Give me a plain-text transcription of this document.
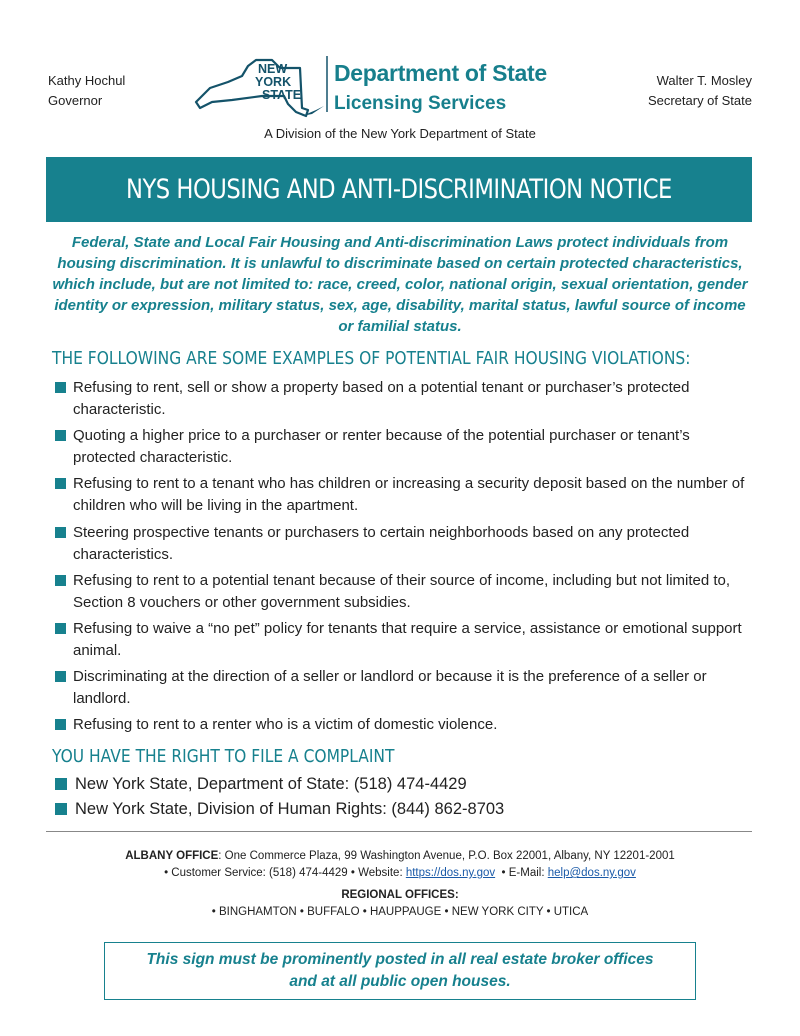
Kathy Hochul
Governor
Walter T. Mosley
Secretary of State
NEW
YORK
STATE
Department of State
Licensing Services
A Division of the New York Department of State
NYS HOUSING AND ANTI-DISCRIMINATION NOTICE
Federal, State and Local Fair Housing and Anti-discrimination Laws protect individuals from housing discrimination. It is unlawful to discriminate based on certain protected characteristics, which include, but are not limited to: race, creed, color, national origin, sexual orientation, gender identity or expression, military status, sex, age, disability, marital status, lawful source of income or familial status.
THE FOLLOWING ARE SOME EXAMPLES OF POTENTIAL FAIR HOUSING VIOLATIONS:
Refusing to rent, sell or show a property based on a potential tenant or purchaser’s protected characteristic.
Quoting a higher price to a purchaser or renter because of the potential purchaser or tenant’s protected characteristic.
Refusing to rent to a tenant who has children or increasing a security deposit based on the number of children who will be living in the apartment.
Steering prospective tenants or purchasers to certain neighborhoods based on any protected characteristics.
Refusing to rent to a potential tenant because of their source of income, including but not limited to, Section 8 vouchers or other government subsidies.
Refusing to waive a “no pet” policy for tenants that require a service, assistance or emotional support animal.
Discriminating at the direction of a seller or landlord or because it is the preference of a seller or landlord.
Refusing to rent to a renter who is a victim of domestic violence.
YOU HAVE THE RIGHT TO FILE A COMPLAINT
New York State, Department of State: (518) 474-4429
New York State, Division of Human Rights: (844) 862-8703
ALBANY OFFICE: One Commerce Plaza, 99 Washington Avenue, P.O. Box 22001, Albany, NY 12201-2001
• Customer Service: (518) 474-4429 • Website: https://dos.ny.gov  • E-Mail: help@dos.ny.gov
REGIONAL OFFICES:
• BINGHAMTON • BUFFALO • HAUPPAUGE • NEW YORK CITY • UTICA
This sign must be prominently posted in all real estate broker offices
and at all public open houses.
